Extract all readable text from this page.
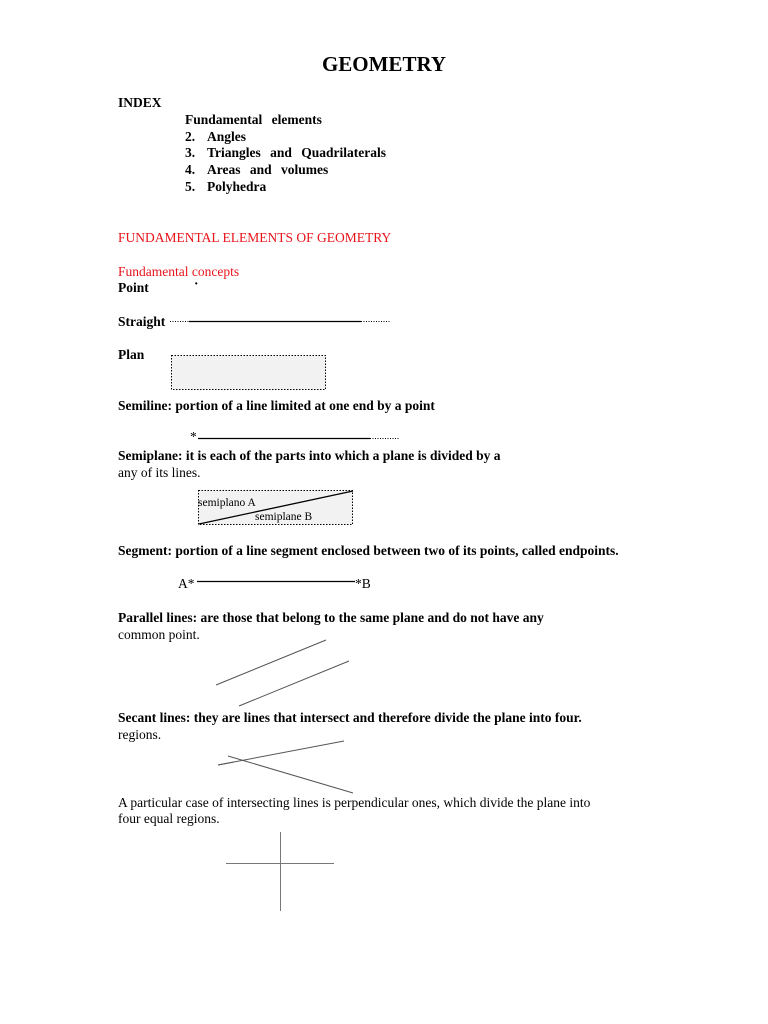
GEOMETRY
INDEX
Fundamental elements
2. Angles
3. Triangles and Quadrilaterals
4. Areas and volumes
5. Polyhedra
FUNDAMENTAL ELEMENTS OF GEOMETRY
Fundamental concepts
Point	·
Straight
Plan
Semiline: portion of a line limited at one end by a point
*
Semiplane: it is each of the parts into which a plane is divided by a
any of its lines.
semiplano A
semiplane B
Segment: portion of a line segment enclosed between two of its points, called endpoints.
A*	*B
Parallel lines: are those that belong to the same plane and do not have any
common point.
Secant lines: they are lines that intersect and therefore divide the plane into four.
regions.
A particular case of intersecting lines is perpendicular ones, which divide the plane into
four equal regions.
